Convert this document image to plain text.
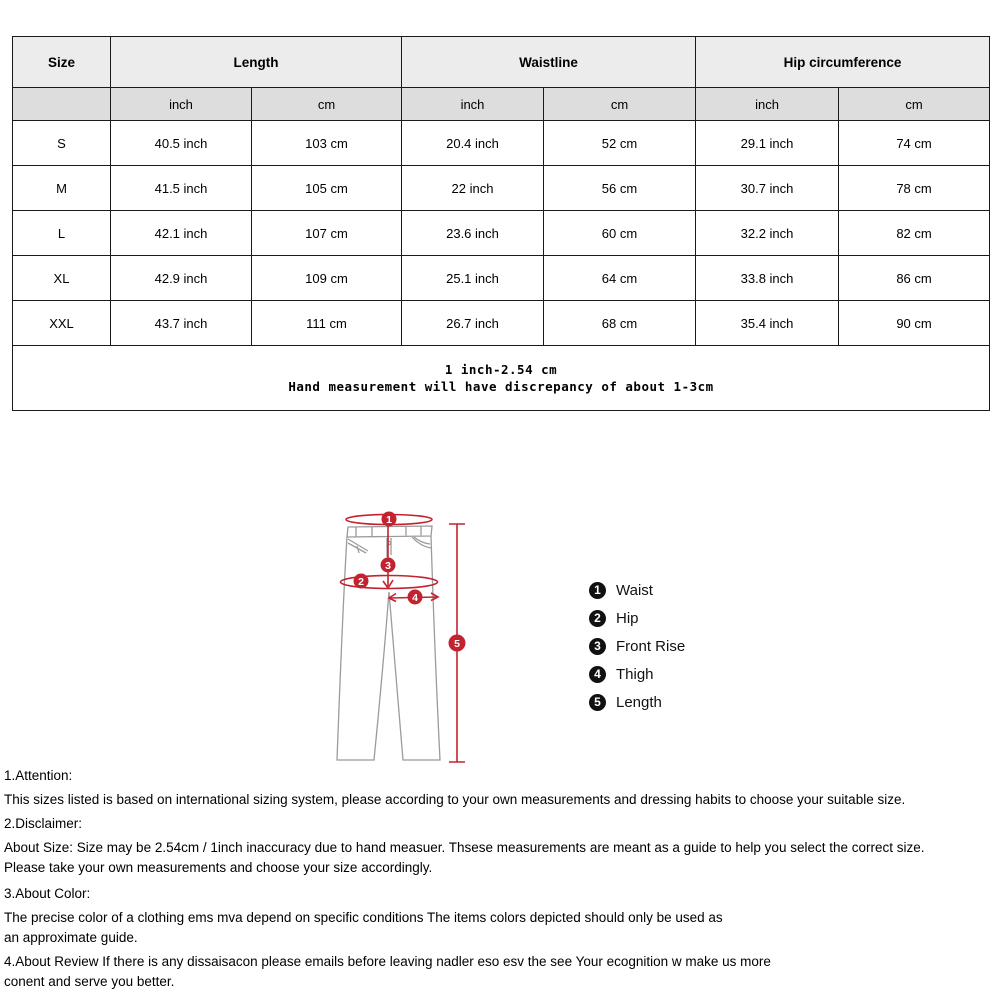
Size	Length		Waistline		Hip circumference	
	inch	cm	inch	cm	inch	cm
S	40.5 inch	103 cm	20.4 inch	52 cm	29.1 inch	74 cm
M	41.5 inch	105 cm	22 inch	56 cm	30.7 inch	78 cm
L	42.1 inch	107 cm	23.6 inch	60 cm	32.2 inch	82 cm
XL	42.9 inch	109 cm	25.1 inch	64 cm	33.8 inch	86 cm
XXL	43.7 inch	111 cm	26.7 inch	68 cm	35.4 inch	90 cm

1 inch-2.54 cm
Hand measurement will have discrepancy of about 1-3cm						
1
2
3
4
5
1	Waist
2	Hip
3	Front Rise
4	Thigh
5	Length
1.Attention:
This sizes listed is based on international sizing system, please according to your own measurements and dressing habits to choose your suitable size.
2.Disclaimer:
About Size: Size may be 2.54cm / 1inch inaccuracy due to hand measuer. Thsese measurements are meant as a guide to help you select the correct size.
Please take your own measurements and choose your size accordingly.
3.About Color:
The precise color of a clothing ems mva depend on specific conditions The items colors depicted should only be used as
an approximate guide.
4.About Review If there is any dissaisacon please emails before leaving nadler eso esv the see Your ecognition w make us more
conent and serve you better.
